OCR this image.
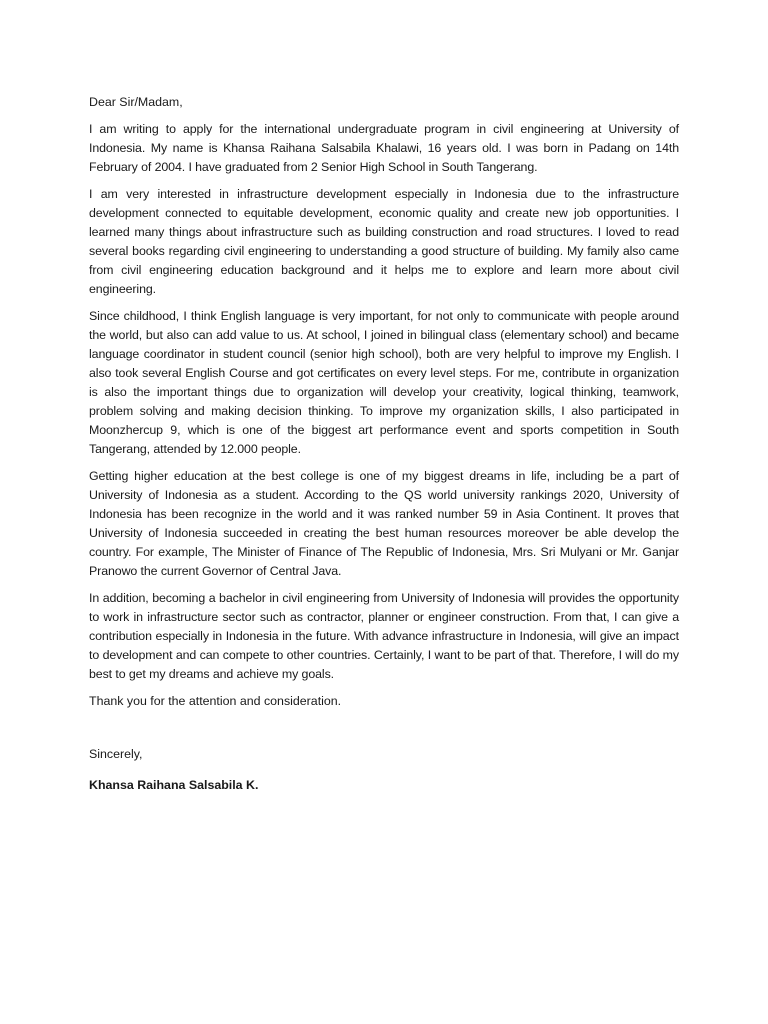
Dear Sir/Madam,

I am writing to apply for the international undergraduate program in civil engineering at University of Indonesia. My name is Khansa Raihana Salsabila Khalawi, 16 years old. I was born in Padang on 14th February of 2004. I have graduated from 2 Senior High School in South Tangerang.

I am very interested in infrastructure development especially in Indonesia due to the infrastructure development connected to equitable development, economic quality and create new job opportunities. I learned many things about infrastructure such as building construction and road structures. I loved to read several books regarding civil engineering to understanding a good structure of building. My family also came from civil engineering education background and it helps me to explore and learn more about civil engineering.

Since childhood, I think English language is very important, for not only to communicate with people around the world, but also can add value to us. At school, I joined in bilingual class (elementary school) and became language coordinator in student council (senior high school), both are very helpful to improve my English. I also took several English Course and got certificates on every level steps. For me, contribute in organization is also the important things due to organization will develop your creativity, logical thinking, teamwork, problem solving and making decision thinking. To improve my organization skills, I also participated in Moonzhercup 9, which is one of the biggest art performance event and sports competition in South Tangerang, attended by 12.000 people.

Getting higher education at the best college is one of my biggest dreams in life, including be a part of University of Indonesia as a student. According to the QS world university rankings 2020, University of Indonesia has been recognize in the world and it was ranked number 59 in Asia Continent. It proves that University of Indonesia succeeded in creating the best human resources moreover be able develop the country. For example, The Minister of Finance of The Republic of Indonesia, Mrs. Sri Mulyani or Mr. Ganjar Pranowo the current Governor of Central Java.

In addition, becoming a bachelor in civil engineering from University of Indonesia will provides the opportunity to work in infrastructure sector such as contractor, planner or engineer construction. From that, I can give a contribution especially in Indonesia in the future. With advance infrastructure in Indonesia, will give an impact to development and can compete to other countries. Certainly, I want to be part of that. Therefore, I will do my best to get my dreams and achieve my goals.

Thank you for the attention and consideration.

Sincerely,

Khansa Raihana Salsabila K.
